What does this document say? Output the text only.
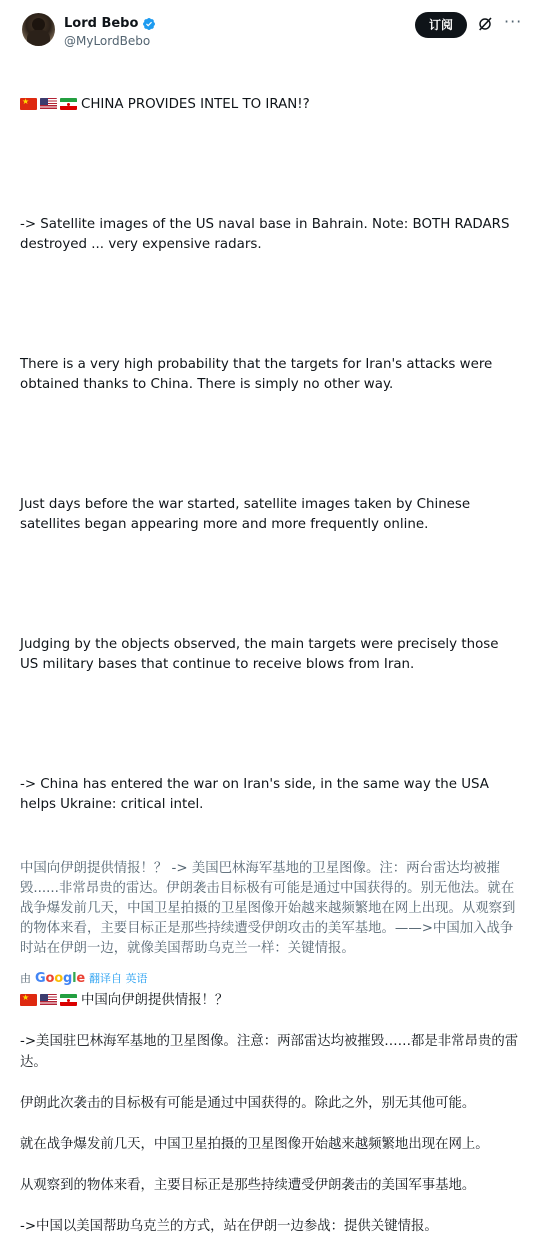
Lord Bebo
@MyLordBebo
订阅	···

★
CHINA PROVIDES INTEL TO IRAN!?

-> Satellite images of the US naval base in Bahrain. Note: BOTH RADARS destroyed ... very expensive radars.

There is a very high probability that the targets for Iran's attacks were obtained thanks to China. There is simply no other way.

Just days before the war started, satellite images taken by Chinese satellites began appearing more and more frequently online.

Judging by the objects observed, the main targets were precisely those US military bases that continue to receive blows from Iran.

-> China has entered the war on Iran's side, in the same way the USA helps Ukraine: critical intel.

中国向伊朗提供情报！？ -> 美国巴林海军基地的卫星图像。注：两台雷达均被摧毁......非常昂贵的雷达。伊朗袭击目标极有可能是通过中国获得的。别无他法。就在战争爆发前几天，中国卫星拍摄的卫星图像开始越来越频繁地在网上出现。从观察到的物体来看，主要目标正是那些持续遭受伊朗攻击的美军基地。——>中国加入战争时站在伊朗一边，就像美国帮助乌克兰一样：关键情报。

由 Google 翻译自 英语

★
中国向伊朗提供情报！？

->美国驻巴林海军基地的卫星图像。注意：两部雷达均被摧毁……都是非常昂贵的雷达。

伊朗此次袭击的目标极有可能是通过中国获得的。除此之外，别无其他可能。

就在战争爆发前几天，中国卫星拍摄的卫星图像开始越来越频繁地出现在网上。

从观察到的物体来看，主要目标正是那些持续遭受伊朗袭击的美国军事基地。

->中国以美国帮助乌克兰的方式，站在伊朗一边参战：提供关键情报。
